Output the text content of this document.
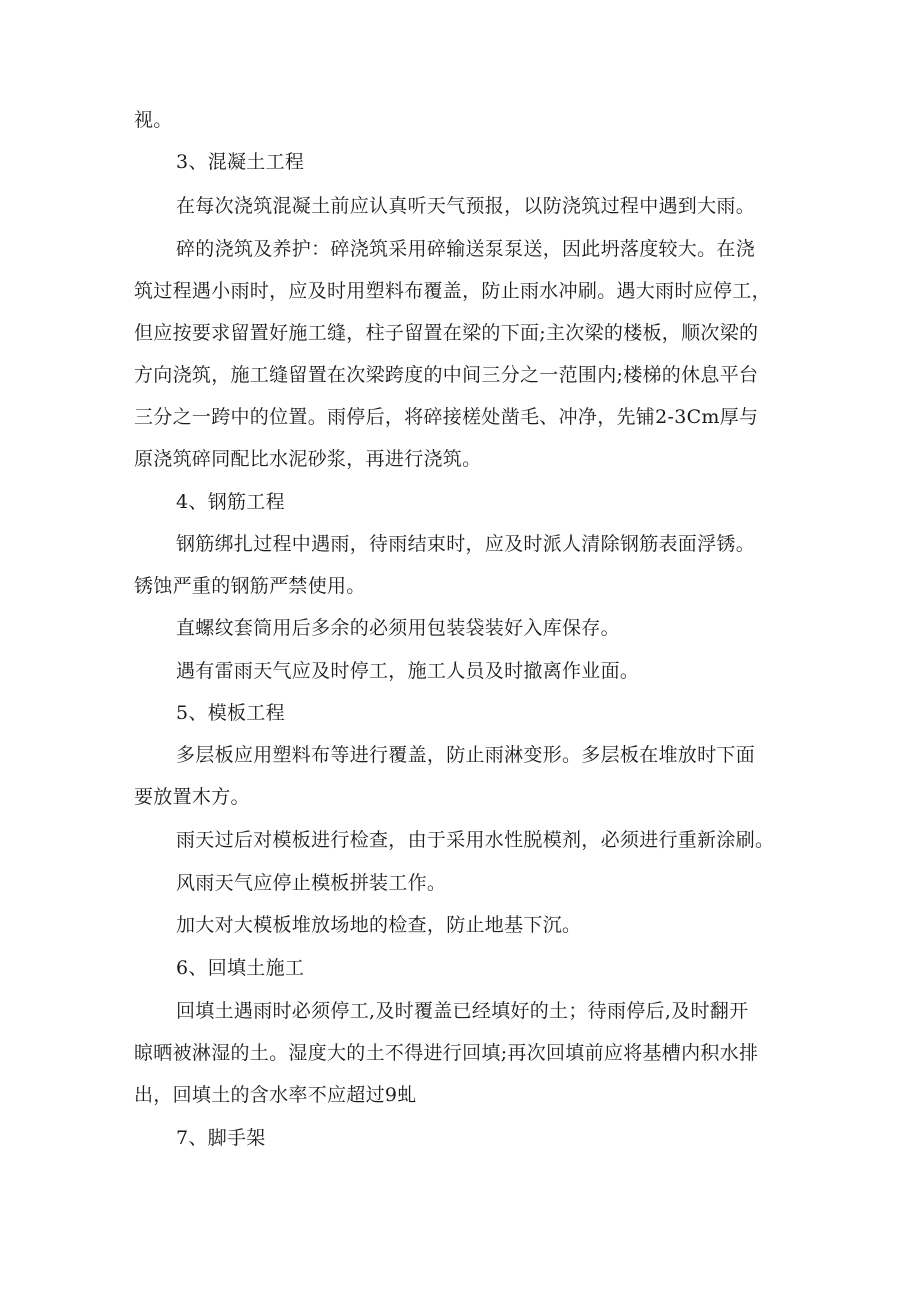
视。
3、混凝土工程
在每次浇筑混凝土前应认真听天气预报，以防浇筑过程中遇到大雨。
碎的浇筑及养护：碎浇筑采用碎输送泵泵送，因此坍落度较大。在浇
筑过程遇小雨时，应及时用塑料布覆盖，防止雨水冲刷。遇大雨时应停工，
但应按要求留置好施工缝，柱子留置在梁的下面;主次梁的楼板，顺次梁的
方向浇筑，施工缝留置在次梁跨度的中间三分之一范围内;楼梯的休息平台
三分之一跨中的位置。雨停后，将碎接槎处凿毛、冲净，先铺2-3Cm厚与
原浇筑碎同配比水泥砂浆，再进行浇筑。
4、钢筋工程
钢筋绑扎过程中遇雨，待雨结束时，应及时派人清除钢筋表面浮锈。
锈蚀严重的钢筋严禁使用。
直螺纹套筒用后多余的必须用包装袋装好入库保存。
遇有雷雨天气应及时停工，施工人员及时撤离作业面。
5、模板工程
多层板应用塑料布等进行覆盖，防止雨淋变形。多层板在堆放时下面
要放置木方。
雨天过后对模板进行检查，由于采用水性脱模剂，必须进行重新涂刷。
风雨天气应停止模板拼装工作。
加大对大模板堆放场地的检查，防止地基下沉。
6、回填土施工
回填土遇雨时必须停工,及时覆盖已经填好的土；待雨停后,及时翻开
晾晒被淋湿的土。湿度大的土不得进行回填;再次回填前应将基槽内积水排
出，回填土的含水率不应超过9虬
7、脚手架
